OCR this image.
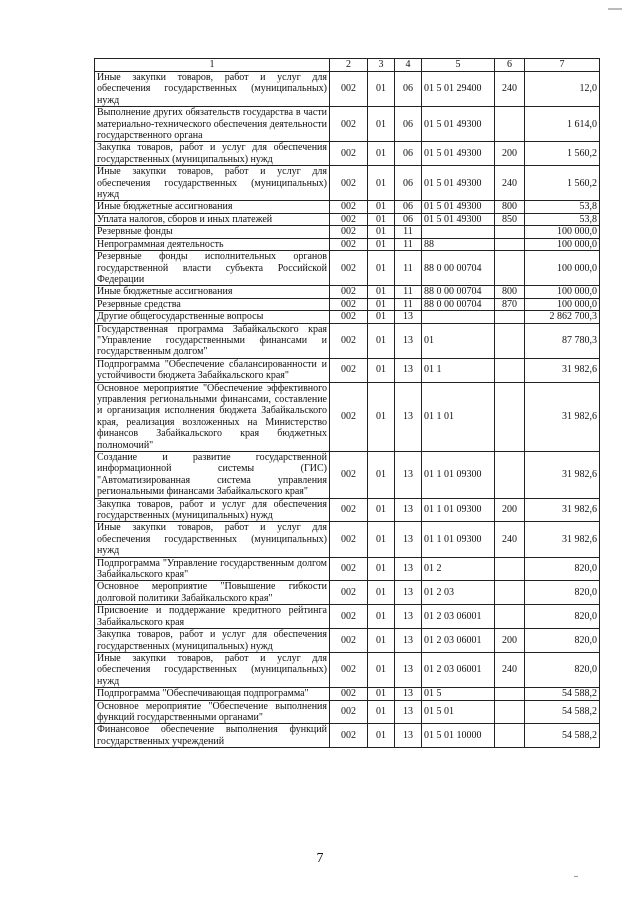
1	2	3	4	5	6	7
Иные закупки товаров, работ и услуг для обеспечения государственных (муниципальных) нужд	002	01	06	01 5 01 29400	240	12,0
Выполнение других обязательств государства в части материально-технического обеспечения деятельности государственного органа	002	01	06	01 5 01 49300		1 614,0
Закупка товаров, работ и услуг для обеспечения государственных (муниципальных) нужд	002	01	06	01 5 01 49300	200	1 560,2
Иные закупки товаров, работ и услуг для обеспечения государственных (муниципальных) нужд	002	01	06	01 5 01 49300	240	1 560,2
Иные бюджетные ассигнования	002	01	06	01 5 01 49300	800	53,8
Уплата налогов, сборов и иных платежей	002	01	06	01 5 01 49300	850	53,8
Резервные фонды	002	01	11			100 000,0
Непрограммная деятельность	002	01	11	88		100 000,0
Резервные фонды исполнительных органов государственной власти субъекта Российской Федерации	002	01	11	88 0 00 00704		100 000,0
Иные бюджетные ассигнования	002	01	11	88 0 00 00704	800	100 000,0
Резервные средства	002	01	11	88 0 00 00704	870	100 000,0
Другие общегосударственные вопросы	002	01	13			2 862 700,3
Государственная программа Забайкальского края "Управление государственными финансами и государственным долгом"	002	01	13	01		87 780,3
Подпрограмма "Обеспечение сбалансированности и устойчивости бюджета Забайкальского края"	002	01	13	01 1		31 982,6
Основное мероприятие "Обеспечение эффективного управления региональными финансами, составление и организация исполнения бюджета Забайкальского края, реализация возложенных на Министерство финансов Забайкальского края бюджетных полномочий"	002	01	13	01 1 01		31 982,6
Создание и развитие государственной информационной системы (ГИС) "Автоматизированная система управления региональными финансами Забайкальского края"	002	01	13	01 1 01 09300		31 982,6
Закупка товаров, работ и услуг для обеспечения государственных (муниципальных) нужд	002	01	13	01 1 01 09300	200	31 982,6
Иные закупки товаров, работ и услуг для обеспечения государственных (муниципальных) нужд	002	01	13	01 1 01 09300	240	31 982,6
Подпрограмма "Управление государственным долгом Забайкальского края"	002	01	13	01 2		820,0
Основное мероприятие "Повышение гибкости долговой политики Забайкальского края"	002	01	13	01 2 03		820,0
Присвоение и поддержание кредитного рейтинга Забайкальского края	002	01	13	01 2 03 06001		820,0
Закупка товаров, работ и услуг для обеспечения государственных (муниципальных) нужд	002	01	13	01 2 03 06001	200	820,0
Иные закупки товаров, работ и услуг для обеспечения государственных (муниципальных) нужд	002	01	13	01 2 03 06001	240	820,0
Подпрограмма "Обеспечивающая подпрограмма"	002	01	13	01 5		54 588,2
Основное мероприятие "Обеспечение выполнения функций государственными органами"	002	01	13	01 5 01		54 588,2
Финансовое обеспечение выполнения функций государственных учреждений	002	01	13	01 5 01 10000		54 588,2
7
